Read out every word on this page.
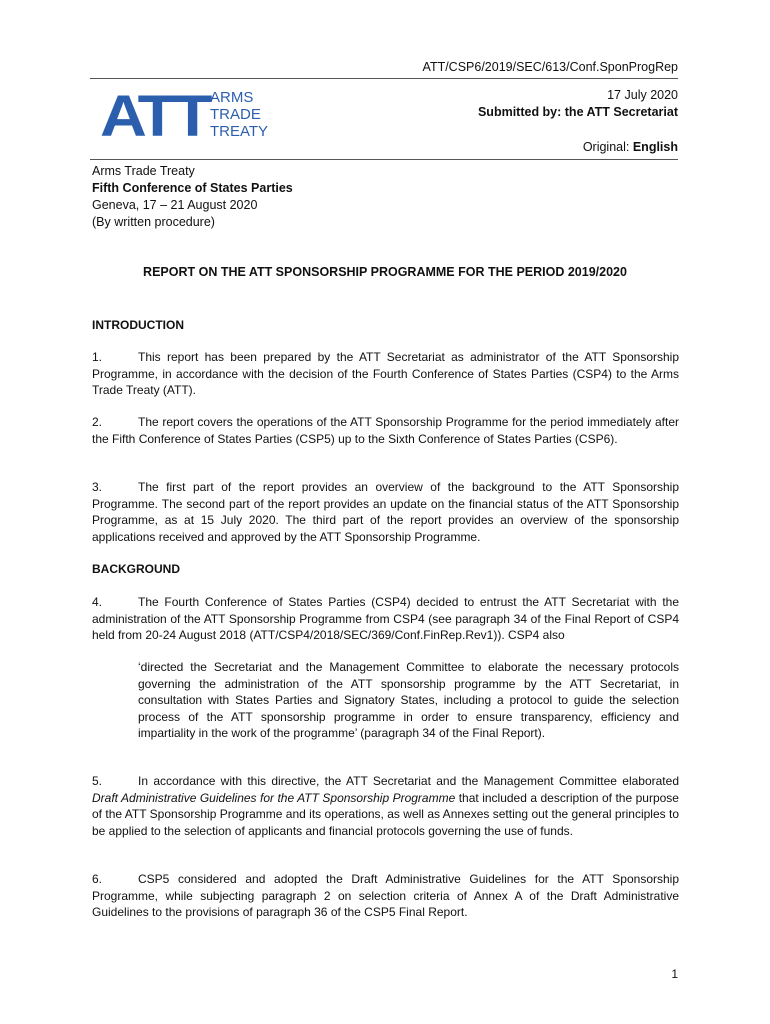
ATT/CSP6/2019/SEC/613/Conf.SponProgRep
ATT
ARMS
TRADE
TREATY
17 July 2020
Submitted by: the ATT Secretariat
Original: English
Arms Trade Treaty
Fifth Conference of States Parties
Geneva, 17 – 21 August 2020
(By written procedure)
REPORT ON THE ATT SPONSORSHIP PROGRAMME FOR THE PERIOD 2019/2020
INTRODUCTION
1.	This report has been prepared by the ATT Secretariat as administrator of the ATT Sponsorship Programme, in accordance with the decision of the Fourth Conference of States Parties (CSP4) to the Arms Trade Treaty (ATT).
2.	The report covers the operations of the ATT Sponsorship Programme for the period immediately after the Fifth Conference of States Parties (CSP5) up to the Sixth Conference of States Parties (CSP6).
3.	The first part of the report provides an overview of the background to the ATT Sponsorship Programme. The second part of the report provides an update on the financial status of the ATT Sponsorship Programme, as at 15 July 2020. The third part of the report provides an overview of the sponsorship applications received and approved by the ATT Sponsorship Programme.
BACKGROUND
4.	The Fourth Conference of States Parties (CSP4) decided to entrust the ATT Secretariat with the administration of the ATT Sponsorship Programme from CSP4 (see paragraph 34 of the Final Report of CSP4 held from 20-24 August 2018 (ATT/CSP4/2018/SEC/369/Conf.FinRep.Rev1)). CSP4 also
‘directed the Secretariat and the Management Committee to elaborate the necessary protocols governing the administration of the ATT sponsorship programme by the ATT Secretariat, in consultation with States Parties and Signatory States, including a protocol to guide the selection process of the ATT sponsorship programme in order to ensure transparency, efficiency and impartiality in the work of the programme’ (paragraph 34 of the Final Report).
5.	In accordance with this directive, the ATT Secretariat and the Management Committee elaborated Draft Administrative Guidelines for the ATT Sponsorship Programme that included a description of the purpose of the ATT Sponsorship Programme and its operations, as well as Annexes setting out the general principles to be applied to the selection of applicants and financial protocols governing the use of funds.
6.	CSP5 considered and adopted the Draft Administrative Guidelines for the ATT Sponsorship Programme, while subjecting paragraph 2 on selection criteria of Annex A of the Draft Administrative Guidelines to the provisions of paragraph 36 of the CSP5 Final Report.
1
